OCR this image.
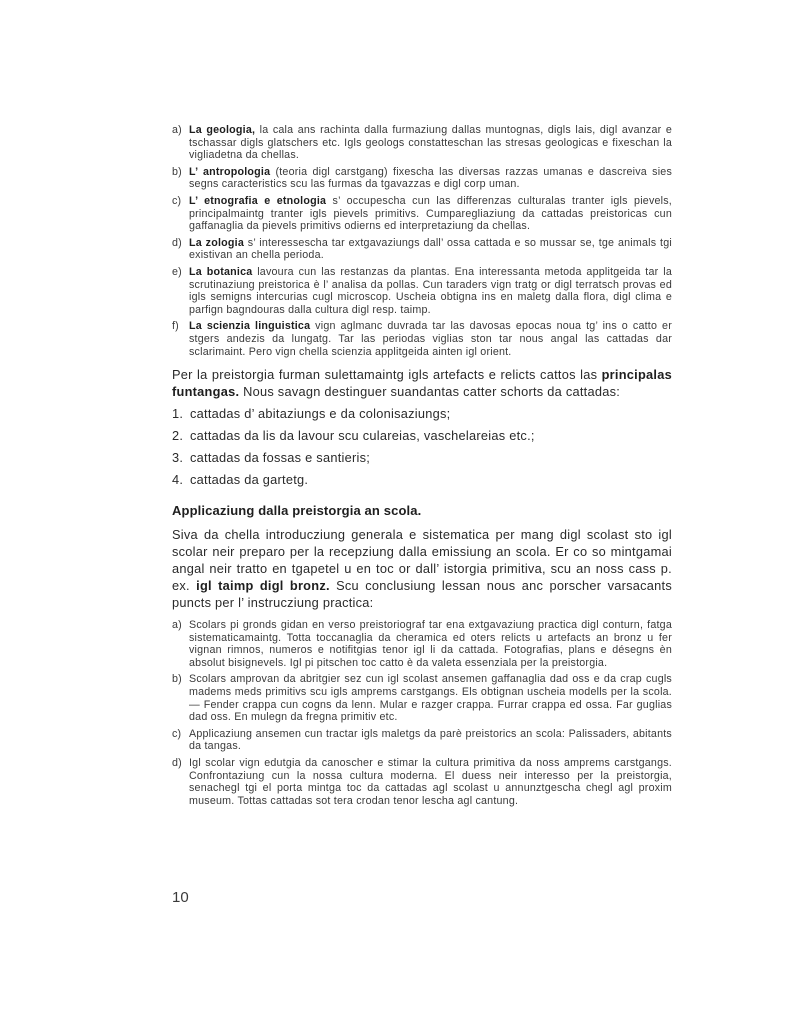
a) La geologia, la cala ans rachinta dalla furmaziung dallas muntognas, digls lais, digl avanzar e tschassar digls glatschers etc. Igls geologs constatteschan las stresas geologicas e fixeschan la vigliadetna da chellas.
b) L’ antropologia (teoria digl carstgang) fixescha las diversas razzas umanas e dascreiva sies segns caracteristics scu las furmas da tgavazzas e digl corp uman.
c) L’ etnografia e etnologia s’ occupescha cun las differenzas culturalas tranter igls pievels, principalmaintg tranter igls pievels primitivs. Cumparegliaziung da cattadas preistoricas cun gaffanaglia da pievels primitivs odierns ed interpretaziung da chellas.
d) La zologia s’ interessescha tar extgavaziungs dall’ ossa cattada e so mussar se, tge animals tgi existivan an chella perioda.
e) La botanica lavoura cun las restanzas da plantas. Ena interessanta metoda applitgeida tar la scrutinaziung preistorica è l’ analisa da pollas. Cun taraders vign tratg or digl terratsch provas ed igls semigns intercurias cugl microscop. Uscheia obtigna ins en maletg dalla flora, digl clima e parfign bagndouras dalla cultura digl resp. taimp.
f) La scienzia linguistica vign aglmanc duvrada tar las davosas epocas noua tg’ ins o catto er stgers andezis da lungatg. Tar las periodas viglias ston tar nous angal las cattadas dar sclarimaint. Pero vign chella scienzia applitgeida ainten igl orient.

Per la preistorgia furman sulettamaintg igls artefacts e relicts cattos las principalas funtangas. Nous savagn destinguer suandantas catter schorts da cattadas:

1. cattadas d’ abitaziungs e da colonisaziungs;
2. cattadas da lis da lavour scu culareias, vaschelareias etc.;
3. cattadas da fossas e santieris;
4. cattadas da gartetg.
Applicaziung dalla preistorgia an scola.

Siva da chella introducziung generala e sistematica per mang digl scolast sto igl scolar neir preparo per la recepziung dalla emissiung an scola. Er co so mintgamai angal neir tratto en tgapetel u en toc or dall’ istorgia primitiva, scu an noss cass p. ex. igl taimp digl bronz. Scu conclusiung lessan nous anc porscher varsacants puncts per l’ instrucziung practica:

a) Scolars pi gronds gidan en verso preistoriograf tar ena extgavaziung practica digl conturn, fatga sistematicamaintg. Totta toccanaglia da cheramica ed oters relicts u artefacts an bronz u fer vignan rimnos, numeros e notifitgias tenor igl li da cattada. Fotografias, plans e désegns èn absolut bisignevels. Igl pi pitschen toc catto è da valeta essenziala per la preistorgia.
b) Scolars amprovan da abritgier sez cun igl scolast ansemen gaffanaglia dad oss e da crap cugls madems meds primitivs scu igls amprems carstgangs. Els obtignan uscheia modells per la scola. — Fender crappa cun cogns da lenn. Mular e razger crappa. Furrar crappa ed ossa. Far guglias dad oss. En mulegn da fregna primitiv etc.
c) Applicaziung ansemen cun tractar igls maletgs da parè preistorics an scola: Palissaders, abitants da tangas.
d) Igl scolar vign edutgia da canoscher e stimar la cultura primitiva da noss amprems carstgangs. Confrontaziung cun la nossa cultura moderna. El duess neir interesso per la preistorgia, senachegl tgi el porta mintga toc da cattadas agl scolast u annunztgescha chegl agl proxim museum. Tottas cattadas sot tera crodan tenor lescha agl cantung.
10
